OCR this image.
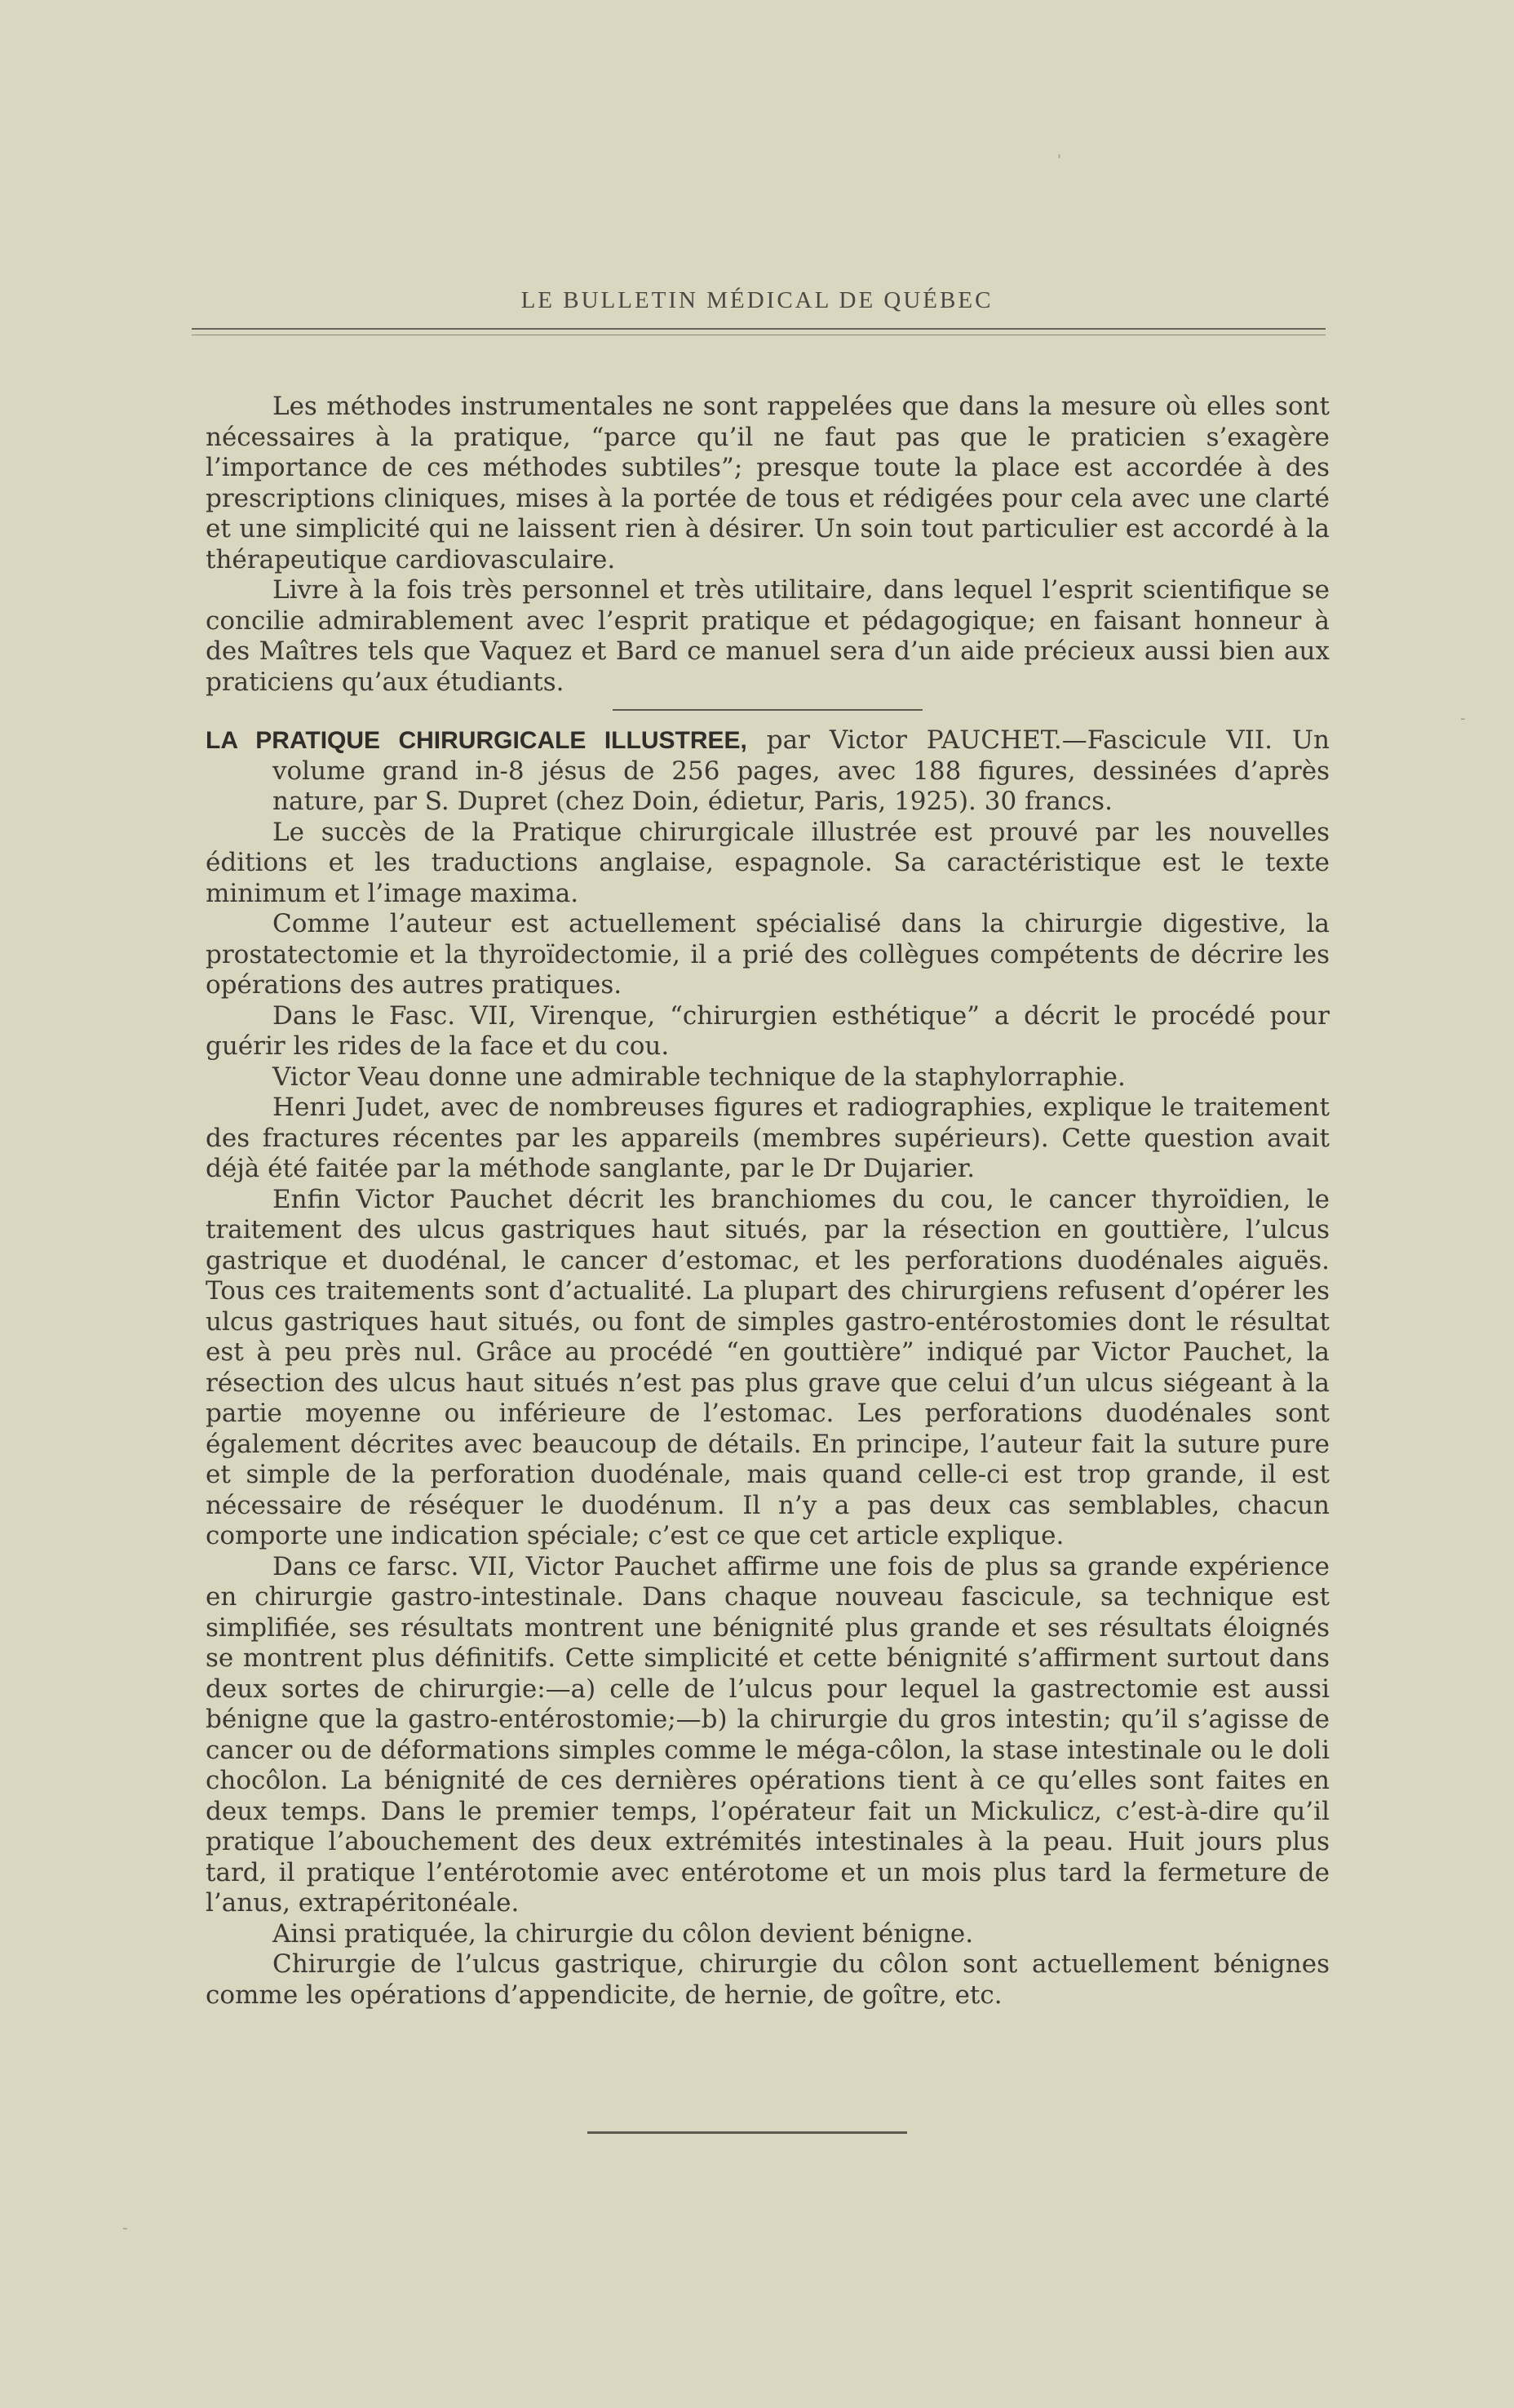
LE BULLETIN MÉDICAL DE QUÉBEC

Les méthodes instrumentales ne sont rappelées que dans la mesure où elles sont nécessaires à la pratique, “parce qu’il ne faut pas que le praticien s’exagère l’importance de ces méthodes subtiles”; presque toute la place est accordée à des prescriptions cliniques, mises à la portée de tous et rédigées pour cela avec une clarté et une simplicité qui ne laissent rien à désirer. Un soin tout particulier est accordé à la thérapeutique cardiovasculaire.

Livre à la fois très personnel et très utilitaire, dans lequel l’esprit scientifique se concilie admirablement avec l’esprit pratique et pédagogique; en faisant honneur à des Maîtres tels que Vaquez et Bard ce manuel sera d’un aide précieux aussi bien aux praticiens qu’aux étudiants.

LA PRATIQUE CHIRURGICALE ILLUSTREE, par Victor PAUCHET.—Fascicule VII. Un volume grand in-8 jésus de 256 pages, avec 188 figures, dessinées d’après nature, par S. Dupret (chez Doin, édietur, Paris, 1925). 30 francs.

Le succès de la Pratique chirurgicale illustrée est prouvé par les nouvelles éditions et les traductions anglaise, espagnole. Sa caractéristique est le texte minimum et l’image maxima.

Comme l’auteur est actuellement spécialisé dans la chirurgie digestive, la prostatectomie et la thyroïdectomie, il a prié des collègues compétents de décrire les opérations des autres pratiques.

Dans le Fasc. VII, Virenque, “chirurgien esthétique” a décrit le procédé pour guérir les rides de la face et du cou.

Victor Veau donne une admirable technique de la staphylorraphie.

Henri Judet, avec de nombreuses figures et radiographies, explique le traitement des fractures récentes par les appareils (membres supérieurs). Cette question avait déjà été faitée par la méthode sanglante, par le Dr Dujarier.

Enfin Victor Pauchet décrit les branchiomes du cou, le cancer thyroïdien, le traitement des ulcus gastriques haut situés, par la résection en gouttière, l’ulcus gastrique et duodénal, le cancer d’estomac, et les perforations duodénales aiguës. Tous ces traitements sont d’actualité. La plupart des chirurgiens refusent d’opérer les ulcus gastriques haut situés, ou font de simples gastro-entérostomies dont le résultat est à peu près nul. Grâce au procédé “en gouttière” indiqué par Victor Pauchet, la résection des ulcus haut situés n’est pas plus grave que celui d’un ulcus siégeant à la partie moyenne ou inférieure de l’estomac. Les perforations duodénales sont également décrites avec beaucoup de détails. En principe, l’auteur fait la suture pure et simple de la perforation duodénale, mais quand celle-ci est trop grande, il est nécessaire de réséquer le duodénum. Il n’y a pas deux cas semblables, chacun comporte une indication spéciale; c’est ce que cet article explique.

Dans ce farsc. VII, Victor Pauchet affirme une fois de plus sa grande expérience en chirurgie gastro-intestinale. Dans chaque nouveau fascicule, sa technique est simplifiée, ses résultats montrent une bénignité plus grande et ses résultats éloignés se montrent plus définitifs. Cette simplicité et cette bénignité s’affirment surtout dans deux sortes de chirurgie:—a) celle de l’ulcus pour lequel la gastrectomie est aussi bénigne que la gastro-entérostomie;—b) la chirurgie du gros intestin; qu’il s’agisse de cancer ou de déformations simples comme le méga-côlon, la stase intestinale ou le doli chocôlon. La bénignité de ces dernières opérations tient à ce qu’elles sont faites en deux temps. Dans le premier temps, l’opérateur fait un Mickulicz, c’est-à-dire qu’il pratique l’abouchement des deux extrémités intestinales à la peau. Huit jours plus tard, il pratique l’entérotomie avec entérotome et un mois plus tard la fermeture de l’anus, extrapéritonéale.

Ainsi pratiquée, la chirurgie du côlon devient bénigne.

Chirurgie de l’ulcus gastrique, chirurgie du côlon sont actuellement bénignes comme les opérations d’appendicite, de hernie, de goître, etc.

'
-
-
